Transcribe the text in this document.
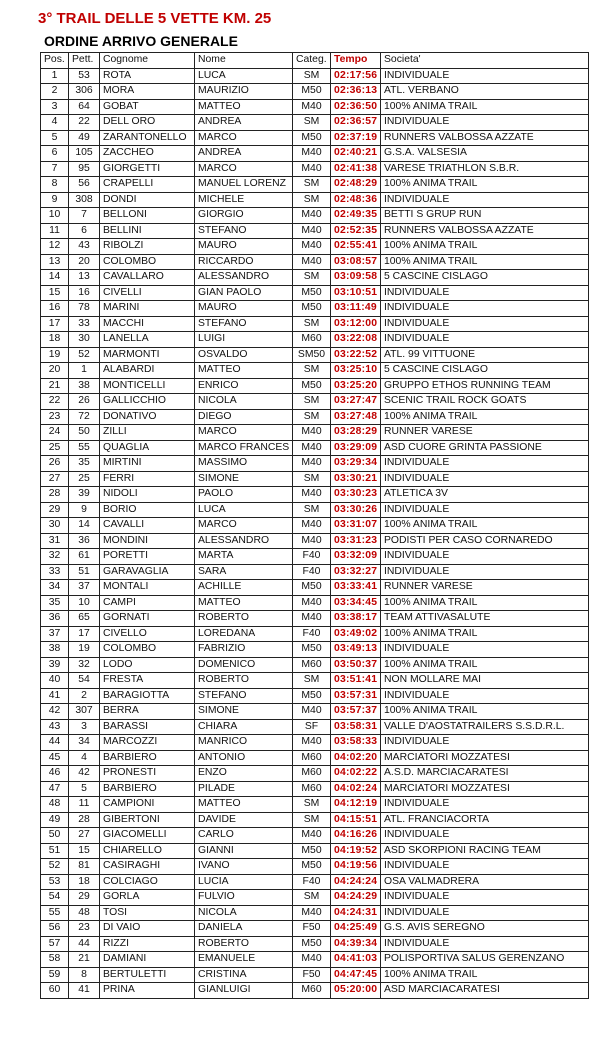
3° TRAIL DELLE 5 VETTE KM. 25
ORDINE ARRIVO GENERALE
Pos.	Pett.	Cognome	Nome	Categ.	Tempo	Societa'
1	53	ROTA	LUCA	SM	02:17:56	INDIVIDUALE
2	306	MORA	MAURIZIO	M50	02:36:13	ATL. VERBANO
3	64	GOBAT	MATTEO	M40	02:36:50	100% ANIMA TRAIL
4	22	DELL ORO	ANDREA	SM	02:36:57	INDIVIDUALE
5	49	ZARANTONELLO	MARCO	M50	02:37:19	RUNNERS VALBOSSA AZZATE
6	105	ZACCHEO	ANDREA	M40	02:40:21	G.S.A. VALSESIA
7	95	GIORGETTI	MARCO	M40	02:41:38	VARESE TRIATHLON S.B.R.
8	56	CRAPELLI	MANUEL LORENZ	SM	02:48:29	100% ANIMA TRAIL
9	308	DONDI	MICHELE	SM	02:48:36	INDIVIDUALE
10	7	BELLONI	GIORGIO	M40	02:49:35	BETTI S GRUP RUN
11	6	BELLINI	STEFANO	M40	02:52:35	RUNNERS VALBOSSA AZZATE
12	43	RIBOLZI	MAURO	M40	02:55:41	100% ANIMA TRAIL
13	20	COLOMBO	RICCARDO	M40	03:08:57	100% ANIMA TRAIL
14	13	CAVALLARO	ALESSANDRO	SM	03:09:58	5 CASCINE CISLAGO
15	16	CIVELLI	GIAN PAOLO	M50	03:10:51	INDIVIDUALE
16	78	MARINI	MAURO	M50	03:11:49	INDIVIDUALE
17	33	MACCHI	STEFANO	SM	03:12:00	INDIVIDUALE
18	30	LANELLA	LUIGI	M60	03:22:08	INDIVIDUALE
19	52	MARMONTI	OSVALDO	SM50	03:22:52	ATL. 99 VITTUONE
20	1	ALABARDI	MATTEO	SM	03:25:10	5 CASCINE CISLAGO
21	38	MONTICELLI	ENRICO	M50	03:25:20	GRUPPO ETHOS RUNNING TEAM
22	26	GALLICCHIO	NICOLA	SM	03:27:47	SCENIC TRAIL ROCK GOATS
23	72	DONATIVO	DIEGO	SM	03:27:48	100% ANIMA TRAIL
24	50	ZILLI	MARCO	M40	03:28:29	RUNNER VARESE
25	55	QUAGLIA	MARCO FRANCES	M40	03:29:09	ASD CUORE GRINTA PASSIONE
26	35	MIRTINI	MASSIMO	M40	03:29:34	INDIVIDUALE
27	25	FERRI	SIMONE	SM	03:30:21	INDIVIDUALE
28	39	NIDOLI	PAOLO	M40	03:30:23	ATLETICA 3V
29	9	BORIO	LUCA	SM	03:30:26	INDIVIDUALE
30	14	CAVALLI	MARCO	M40	03:31:07	100% ANIMA TRAIL
31	36	MONDINI	ALESSANDRO	M40	03:31:23	PODISTI PER CASO CORNAREDO
32	61	PORETTI	MARTA	F40	03:32:09	INDIVIDUALE
33	51	GARAVAGLIA	SARA	F40	03:32:27	INDIVIDUALE
34	37	MONTALI	ACHILLE	M50	03:33:41	RUNNER VARESE
35	10	CAMPI	MATTEO	M40	03:34:45	100% ANIMA TRAIL
36	65	GORNATI	ROBERTO	M40	03:38:17	TEAM ATTIVASALUTE
37	17	CIVELLO	LOREDANA	F40	03:49:02	100% ANIMA TRAIL
38	19	COLOMBO	FABRIZIO	M50	03:49:13	INDIVIDUALE
39	32	LODO	DOMENICO	M60	03:50:37	100% ANIMA TRAIL
40	54	FRESTA	ROBERTO	SM	03:51:41	NON MOLLARE MAI
41	2	BARAGIOTTA	STEFANO	M50	03:57:31	INDIVIDUALE
42	307	BERRA	SIMONE	M40	03:57:37	100% ANIMA TRAIL
43	3	BARASSI	CHIARA	SF	03:58:31	VALLE D'AOSTATRAILERS S.S.D.R.L.
44	34	MARCOZZI	MANRICO	M40	03:58:33	INDIVIDUALE
45	4	BARBIERO	ANTONIO	M60	04:02:20	MARCIATORI MOZZATESI
46	42	PRONESTI	ENZO	M60	04:02:22	A.S.D. MARCIACARATESI
47	5	BARBIERO	PILADE	M60	04:02:24	MARCIATORI MOZZATESI
48	11	CAMPIONI	MATTEO	SM	04:12:19	INDIVIDUALE
49	28	GIBERTONI	DAVIDE	SM	04:15:51	ATL. FRANCIACORTA
50	27	GIACOMELLI	CARLO	M40	04:16:26	INDIVIDUALE
51	15	CHIARELLO	GIANNI	M50	04:19:52	ASD SKORPIONI RACING TEAM
52	81	CASIRAGHI	IVANO	M50	04:19:56	INDIVIDUALE
53	18	COLCIAGO	LUCIA	F40	04:24:24	OSA VALMADRERA
54	29	GORLA	FULVIO	SM	04:24:29	INDIVIDUALE
55	48	TOSI	NICOLA	M40	04:24:31	INDIVIDUALE
56	23	DI VAIO	DANIELA	F50	04:25:49	G.S. AVIS SEREGNO
57	44	RIZZI	ROBERTO	M50	04:39:34	INDIVIDUALE
58	21	DAMIANI	EMANUELE	M40	04:41:03	POLISPORTIVA SALUS GERENZANO
59	8	BERTULETTI	CRISTINA	F50	04:47:45	100% ANIMA TRAIL
60	41	PRINA	GIANLUIGI	M60	05:20:00	ASD MARCIACARATESI
